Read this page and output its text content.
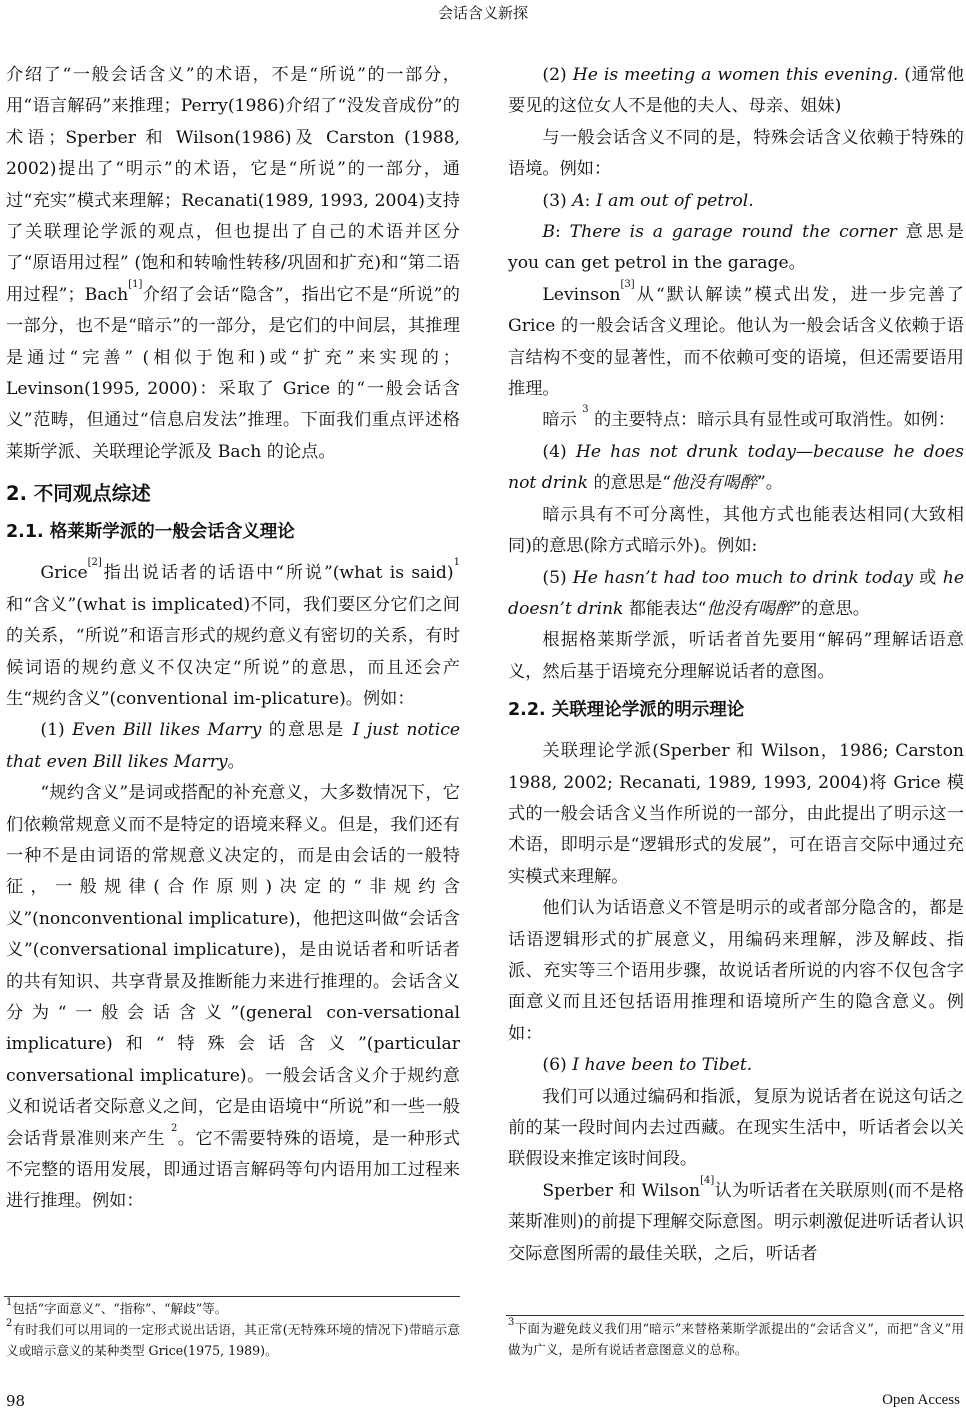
会话含义新探

介绍了“一般会话含义”的术语，不是“所说”的一部分，用“语言解码”来推理；Perry(1986)介绍了“没发音成份”的术语；Sperber 和 Wilson(1986)及 Carston (1988, 2002)提出了“明示”的术语，它是“所说”的一部分，通过“充实”模式来理解；Recanati(1989, 1993, 2004)支持了关联理论学派的观点，但也提出了自己的术语并区分了“原语用过程” (饱和和转喻性转移/巩固和扩充)和“第二语用过程”；Bach[1]介绍了会话“隐含”，指出它不是“所说”的一部分，也不是“暗示”的一部分，是它们的中间层，其推理是通过“完善” (相似于饱和)或“扩充”来实现的；Levinson(1995, 2000)：采取了 Grice 的“一般会话含义”范畴，但通过“信息启发法”推理。下面我们重点评述格莱斯学派、关联理论学派及 Bach 的论点。

2. 不同观点综述
2.1. 格莱斯学派的一般会话含义理论

Grice[2]指出说话者的话语中“所说”(what is said)$^1$和“含义”(what is implicated)不同，我们要区分它们之间的关系，“所说”和语言形式的规约意义有密切的关系，有时候词语的规约意义不仅决定“所说”的意思，而且还会产生“规约含义”(conventional im-plicature)。例如：

(1) Even Bill likes Marry 的意思是 I just notice that even Bill likes Marry。

“规约含义”是词或搭配的补充意义，大多数情况下，它们依赖常规意义而不是特定的语境来释义。但是，我们还有一种不是由词语的常规意义决定的，而是由会话的一般特征，一般规律(合作原则)决定的“非规约含义”(nonconventional implicature)，他把这叫做“会话含义”(conversational implicature)，是由说话者和听话者的共有知识、共享背景及推断能力来进行推理的。会话含义分为“一般会话含义”(general con-versational implicature)和“特殊会话含义”(particular conversational implicature)。一般会话含义介于规约意义和说话者交际意义之间，它是由语境中“所说”和一些一般会话背景准则来产生 $^2$。它不需要特殊的语境，是一种形式不完整的语用发展，即通过语言解码等句内语用加工过程来进行推理。例如：

(2) He is meeting a women this evening. (通常他要见的这位女人不是他的夫人、母亲、姐妹)

与一般会话含义不同的是，特殊会话含义依赖于特殊的语境。例如：

(3) A: I am out of petrol.

B: There is a garage round the corner 意思是 you can get petrol in the garage。

Levinson[3]从“默认解读”模式出发，进一步完善了 Grice 的一般会话含义理论。他认为一般会话含义依赖于语言结构不变的显著性，而不依赖可变的语境，但还需要语用推理。

暗示 $^3$ 的主要特点：暗示具有显性或可取消性。如例：

(4) He has not drunk today—because he does not drink 的意思是“他没有喝醉”。

暗示具有不可分离性，其他方式也能表达相同(大致相同)的意思(除方式暗示外)。例如:

(5) He hasn’t had too much to drink today 或 he doesn’t drink 都能表达“他没有喝醉”的意思。

根据格莱斯学派，听话者首先要用“解码”理解话语意义，然后基于语境充分理解说话者的意图。

2.2. 关联理论学派的明示理论

关联理论学派(Sperber 和 Wilson，1986; Carston 1988, 2002; Recanati, 1989, 1993, 2004)将 Grice 模式的一般会话含义当作所说的一部分，由此提出了明示这一术语，即明示是“逻辑形式的发展”，可在语言交际中通过充实模式来理解。

他们认为话语意义不管是明示的或者部分隐含的，都是话语逻辑形式的扩展意义，用编码来理解，涉及解歧、指派、充实等三个语用步骤，故说话者所说的内容不仅包含字面意义而且还包括语用推理和语境所产生的隐含意义。例如：

(6) I have been to Tibet.

我们可以通过编码和指派，复原为说话者在说这句话之前的某一段时间内去过西藏。在现实生活中，听话者会以关联假设来推定该时间段。

Sperber 和 Wilson[4]认为听话者在关联原则(而不是格莱斯准则)的前提下理解交际意图。明示刺激促进听话者认识交际意图所需的最佳关联，之后，听话者

$^1$包括“字面意义”、“指称”、“解歧”等。
$^2$有时我们可以用词的一定形式说出话语，其正常(无特殊环境的情况下)带暗示意义或暗示意义的某种类型 Grice(1975, 1989)。
$^3$下面为避免歧义我们用“暗示”来替格莱斯学派提出的“会话含义”，而把“含义”用做为广义，是所有说话者意图意义的总称。
98	Open Access
